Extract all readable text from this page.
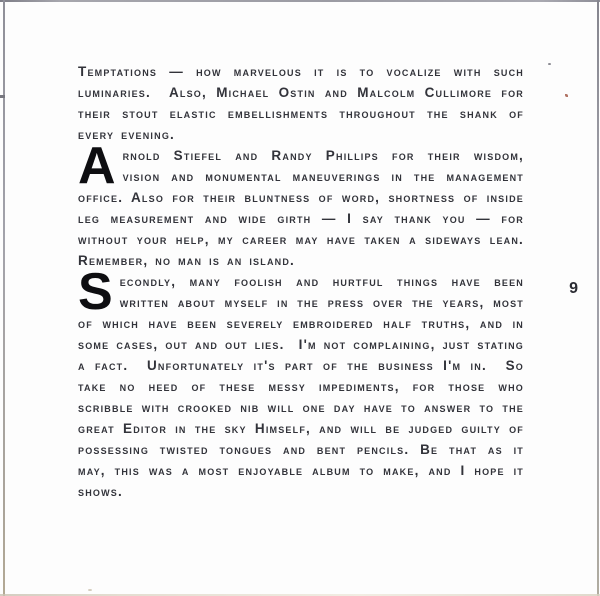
Temptations — how marvelous it is to vocalize with such luminaries.  Also, Michael Ostin and Malcolm Cullimore for their stout elastic embellishments throughout the shank of every evening.

Arnold Stiefel and Randy Phillips for their wisdom, vision and monumental maneuverings in the management office. Also for their bluntness of word, shortness of inside leg measurement and wide girth — I say thank you — for without your help, my career may have taken a sideways lean. Remember, no man is an island.

Secondly, many foolish and hurtful things have been written about myself in the press over the years, most of which have been severely embroidered half truths, and in some cases, out and out lies.  I'm not complaining, just stating a fact.  Unfortunately it's part of the business I'm in.  So take no heed of these messy impediments, for those who scribble with crooked nib will one day have to answer to the great Editor in the sky Himself, and will be judged guilty of possessing twisted tongues and bent pencils. Be that as it may, this was a most enjoyable album to make, and I hope it shows.

9
